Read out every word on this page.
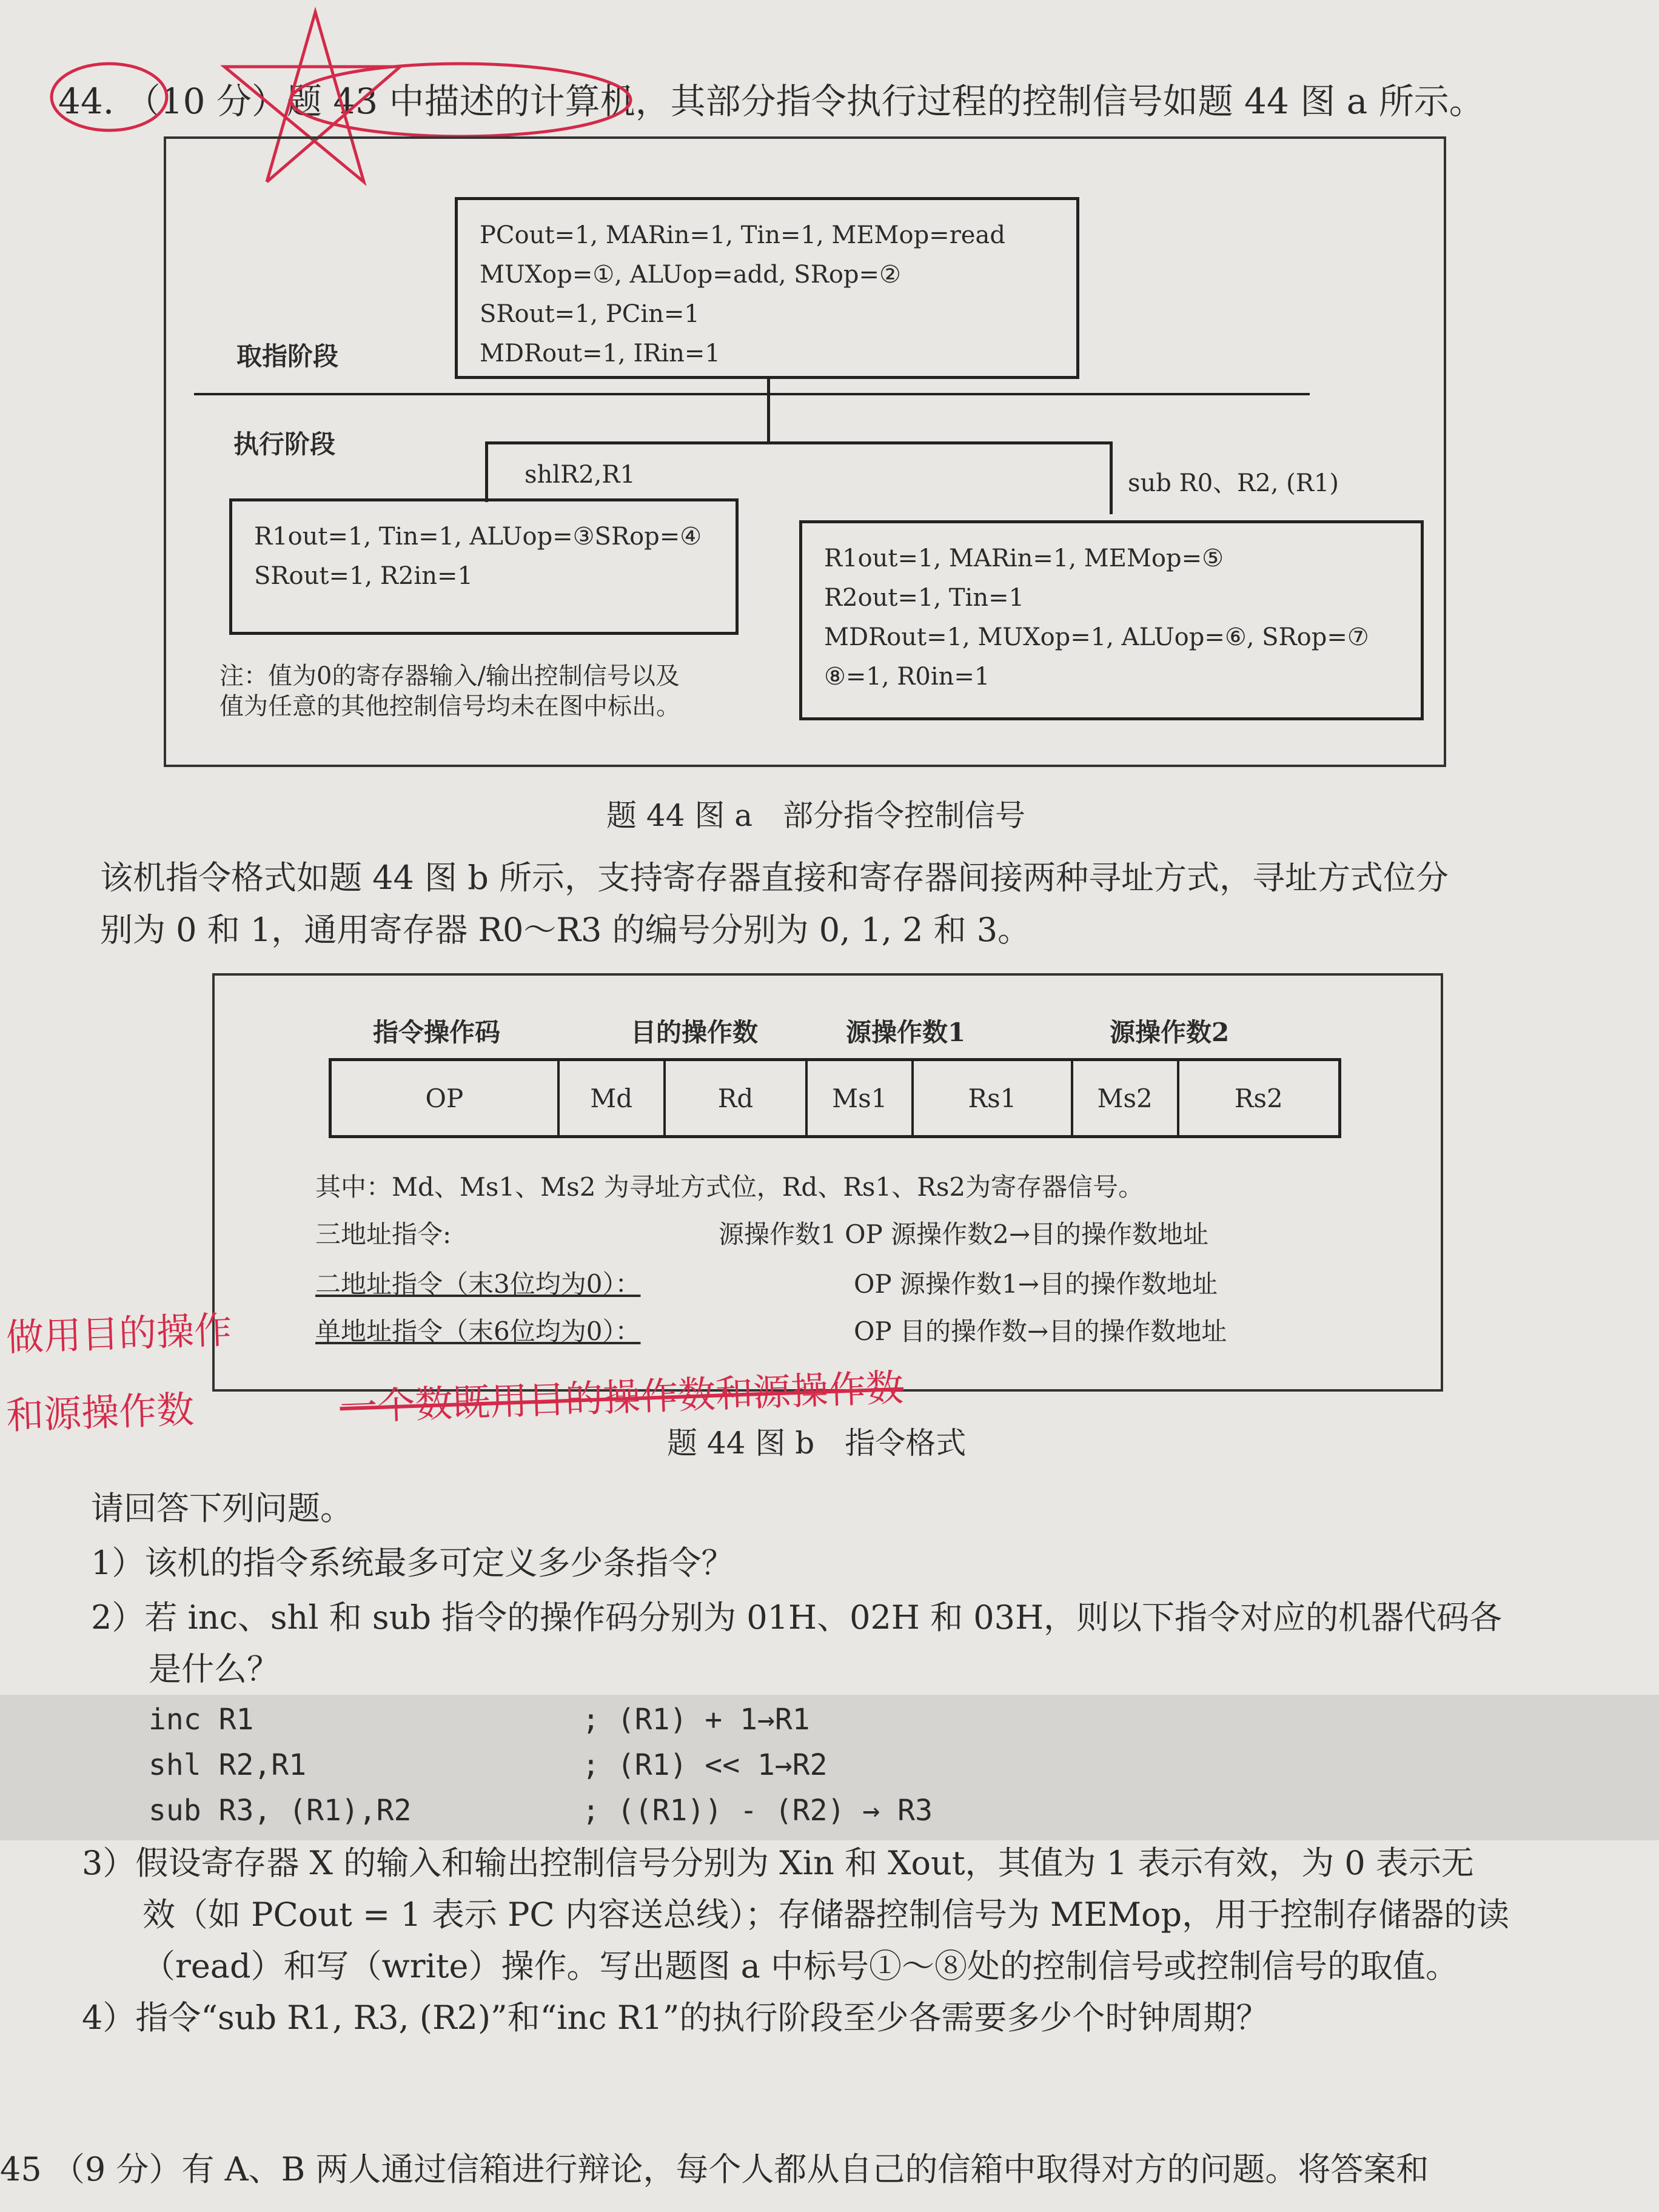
44. （10 分）题 43 中描述的计算机，其部分指令执行过程的控制信号如题 44 图 a 所示。
PCout=1, MARin=1, Tin=1, MEMop=read
MUXop=①, ALUop=add, SRop=②
SRout=1, PCin=1
MDRout=1, IRin=1
取指阶段
执行阶段
shlR2,R1	sub R0、R2, (R1)
R1out=1, Tin=1, ALUop=③SRop=④
SRout=1, R2in=1
R1out=1, MARin=1, MEMop=⑤
R2out=1, Tin=1
MDRout=1, MUXop=1, ALUop=⑥, SRop=⑦
⑧=1, R0in=1
注：值为0的寄存器输入/输出控制信号以及
值为任意的其他控制信号均未在图中标出。
题 44 图 a　部分指令控制信号
该机指令格式如题 44 图 b 所示，支持寄存器直接和寄存器间接两种寻址方式，寻址方式位分
别为 0 和 1，通用寄存器 R0～R3 的编号分别为 0, 1, 2 和 3。
指令操作码	目的操作数	源操作数1	源操作数2
OP	Md	Rd	Ms1	Rs1	Ms2	Rs2
其中：Md、Ms1、Ms2 为寻址方式位，Rd、Rs1、Rs2为寄存器信号。
三地址指令:	源操作数1 OP 源操作数2→目的操作数地址
二地址指令（末3位均为0）：	OP 源操作数1→目的操作数地址
单地址指令（末6位均为0）：	OP 目的操作数→目的操作数地址
做用目的操作
和源操作数	一个数既用目的操作数和源操作数
题 44 图 b　指令格式
请回答下列问题。
1）该机的指令系统最多可定义多少条指令？
2）若 inc、shl 和 sub 指令的操作码分别为 01H、02H 和 03H，则以下指令对应的机器代码各
是什么？
inc R1	; (R1) + 1→R1
shl R2,R1	; (R1) << 1→R2
sub R3, (R1),R2	; ((R1)) - (R2) → R3
3）假设寄存器 X 的输入和输出控制信号分别为 Xin 和 Xout，其值为 1 表示有效，为 0 表示无
效（如 PCout = 1 表示 PC 内容送总线）；存储器控制信号为 MEMop，用于控制存储器的读
（read）和写（write）操作。写出题图 a 中标号①～⑧处的控制信号或控制信号的取值。
4）指令“sub R1, R3, (R2)”和“inc R1”的执行阶段至少各需要多少个时钟周期？
45 （9 分）有 A、B 两人通过信箱进行辩论，每个人都从自己的信箱中取得对方的问题。将答案和
